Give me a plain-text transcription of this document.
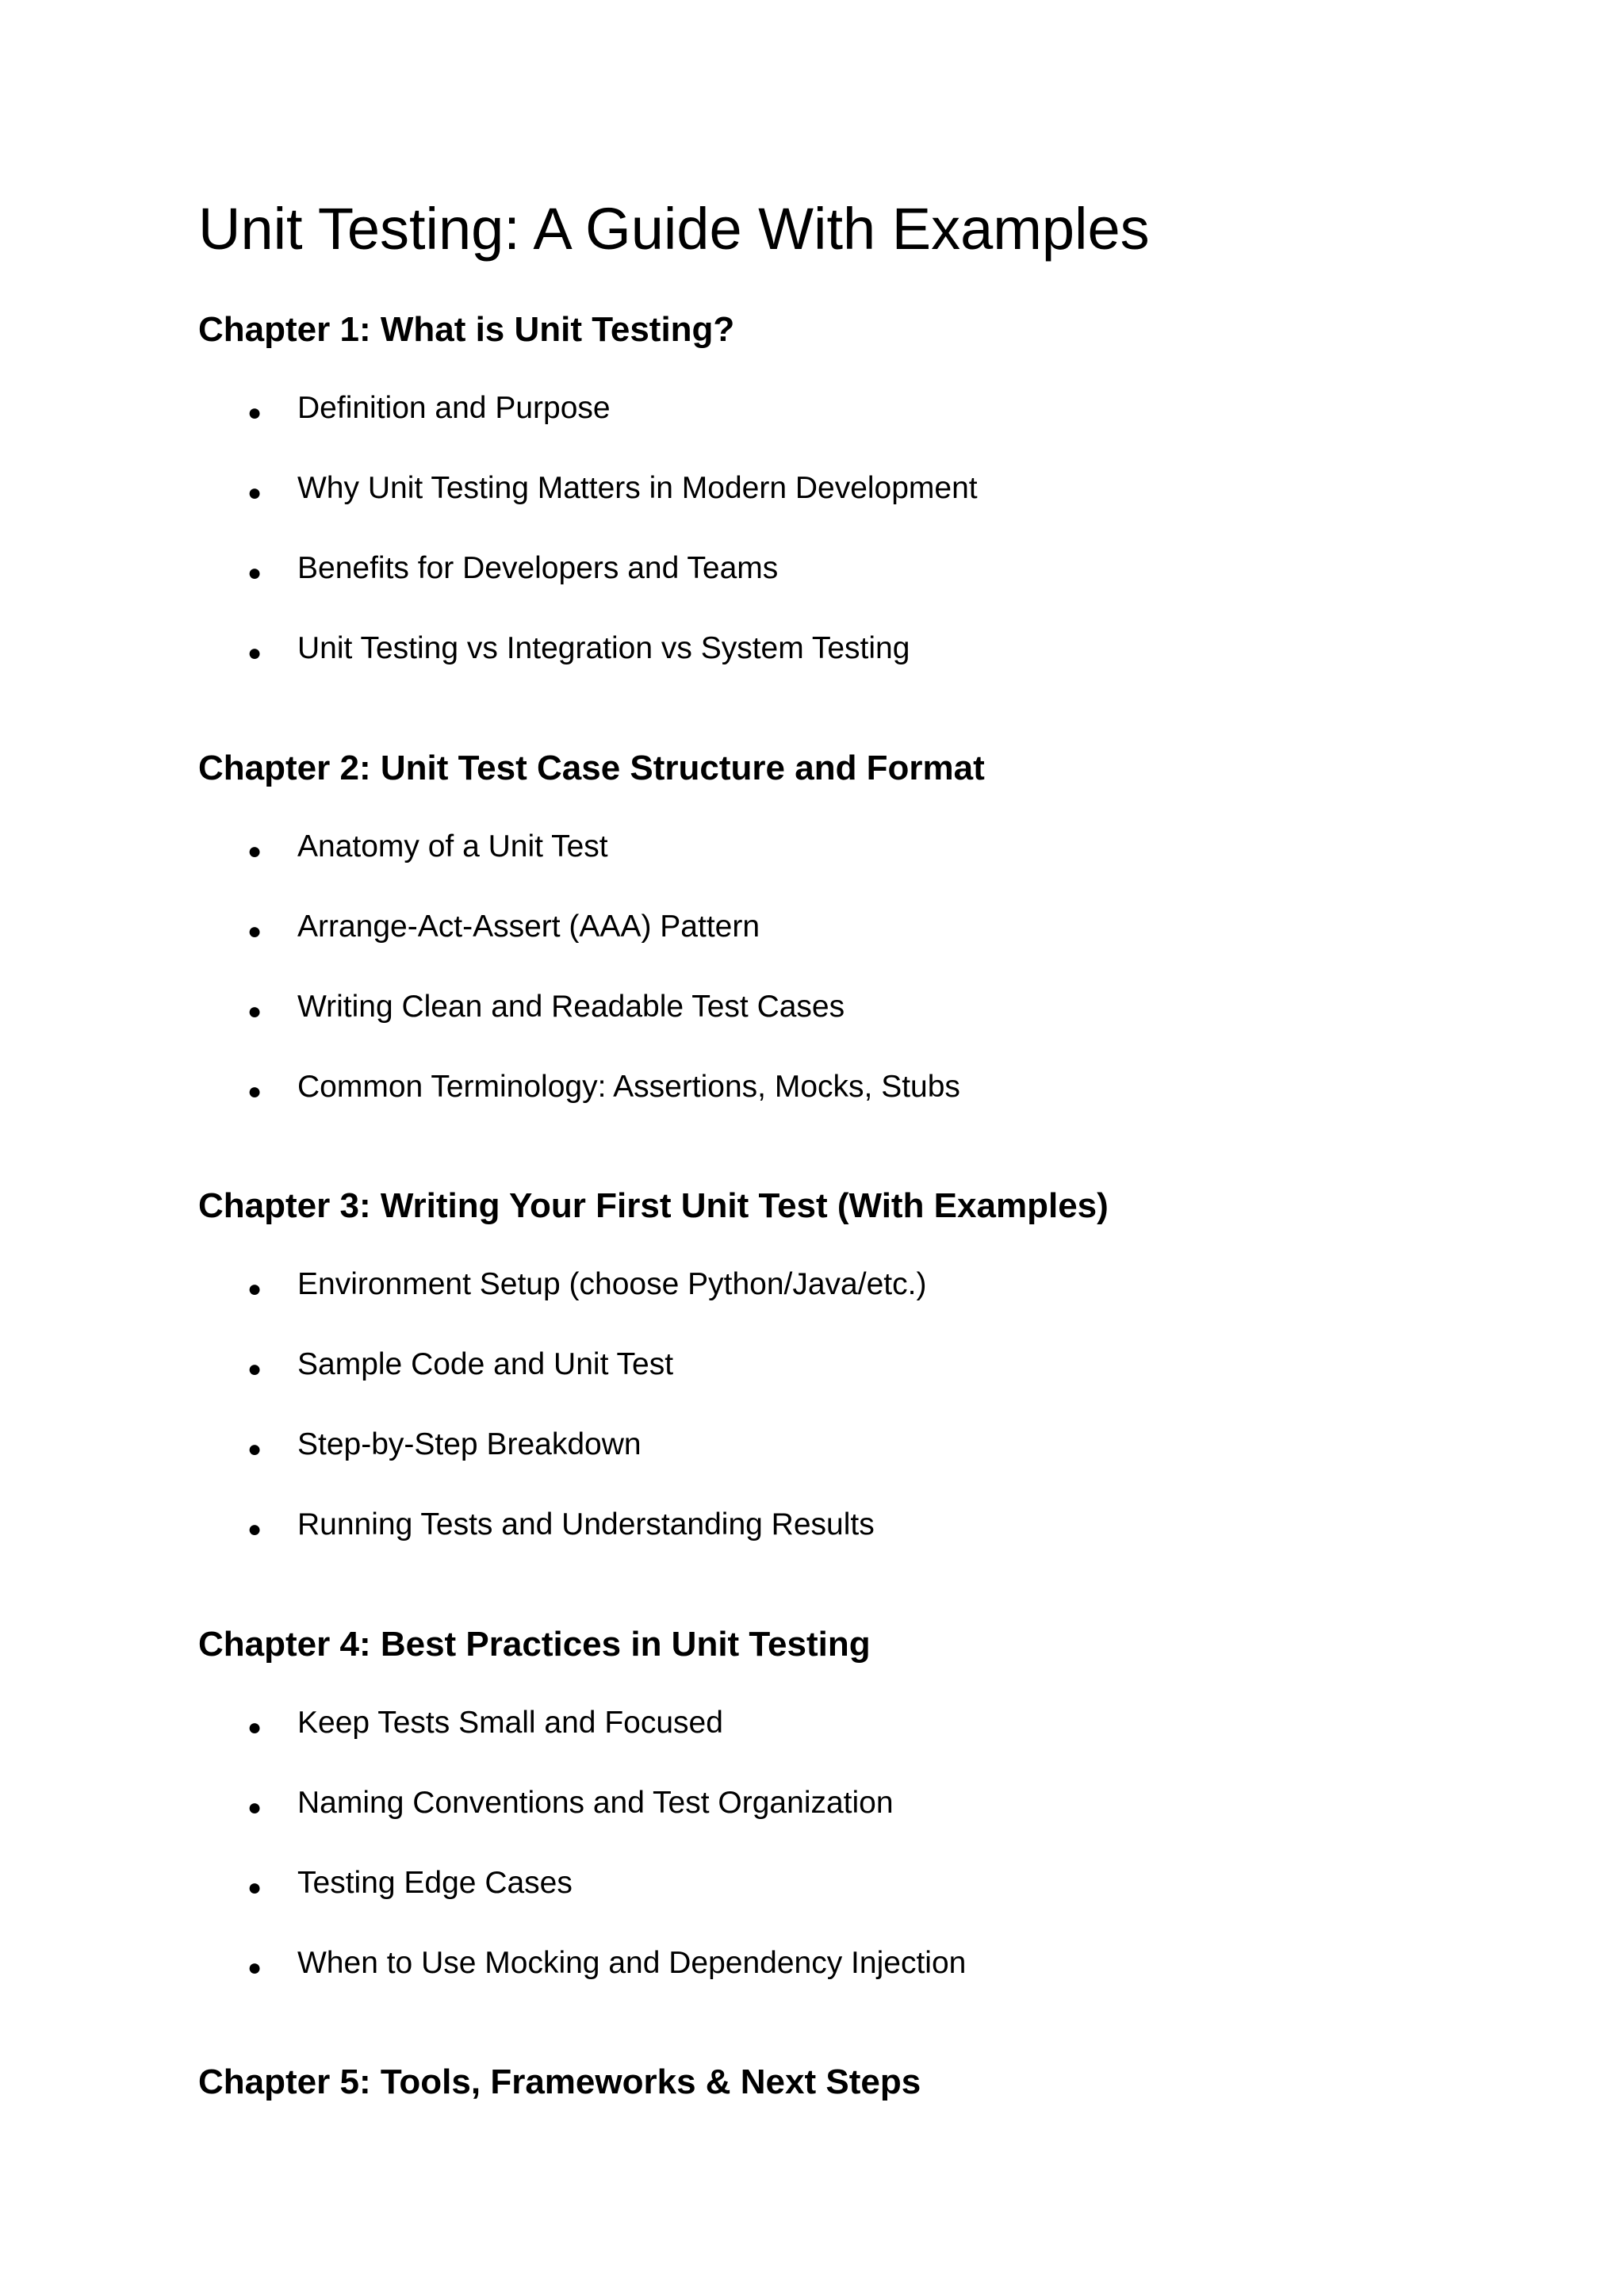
Unit Testing: A Guide With Examples
Chapter 1: What is Unit Testing?
● Definition and Purpose
● Why Unit Testing Matters in Modern Development
● Benefits for Developers and Teams
● Unit Testing vs Integration vs System Testing
Chapter 2: Unit Test Case Structure and Format
● Anatomy of a Unit Test
● Arrange-Act-Assert (AAA) Pattern
● Writing Clean and Readable Test Cases
● Common Terminology: Assertions, Mocks, Stubs
Chapter 3: Writing Your First Unit Test (With Examples)
● Environment Setup (choose Python/Java/etc.)
● Sample Code and Unit Test
● Step-by-Step Breakdown
● Running Tests and Understanding Results
Chapter 4: Best Practices in Unit Testing
● Keep Tests Small and Focused
● Naming Conventions and Test Organization
● Testing Edge Cases
● When to Use Mocking and Dependency Injection
Chapter 5: Tools, Frameworks & Next Steps
